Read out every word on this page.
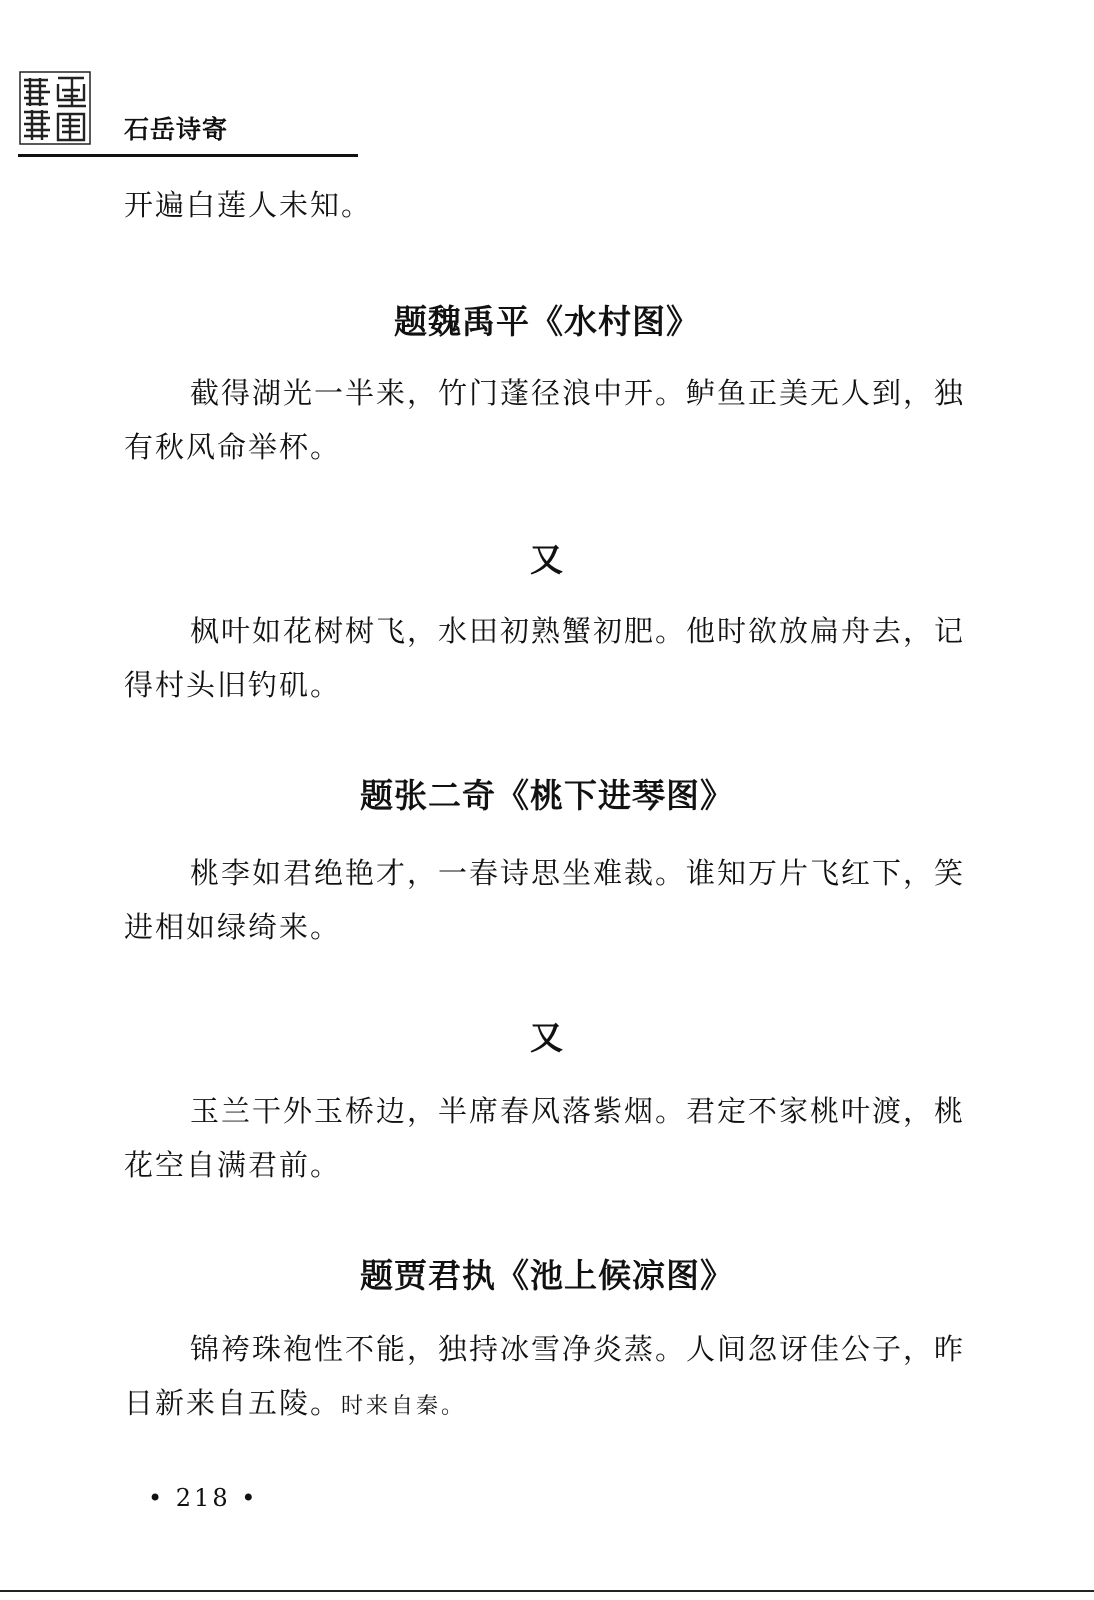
石岳诗寄

开遍白莲人未知。

题魏禹平《水村图》

截得湖光一半来，竹门蓬径浪中开。鲈鱼正美无人到，独有秋风命举杯。

又

枫叶如花树树飞，水田初熟蟹初肥。他时欲放扁舟去，记得村头旧钓矶。

题张二奇《桃下进琴图》

桃李如君绝艳才，一春诗思坐难裁。谁知万片飞红下，笑进相如绿绮来。

又

玉兰干外玉桥边，半席春风落紫烟。君定不家桃叶渡，桃花空自满君前。

题贾君执《池上候凉图》

锦袴珠袍性不能，独持冰雪净炎蒸。人间忽讶佳公子，昨日新来自五陵。时来自秦。

• 218 •
